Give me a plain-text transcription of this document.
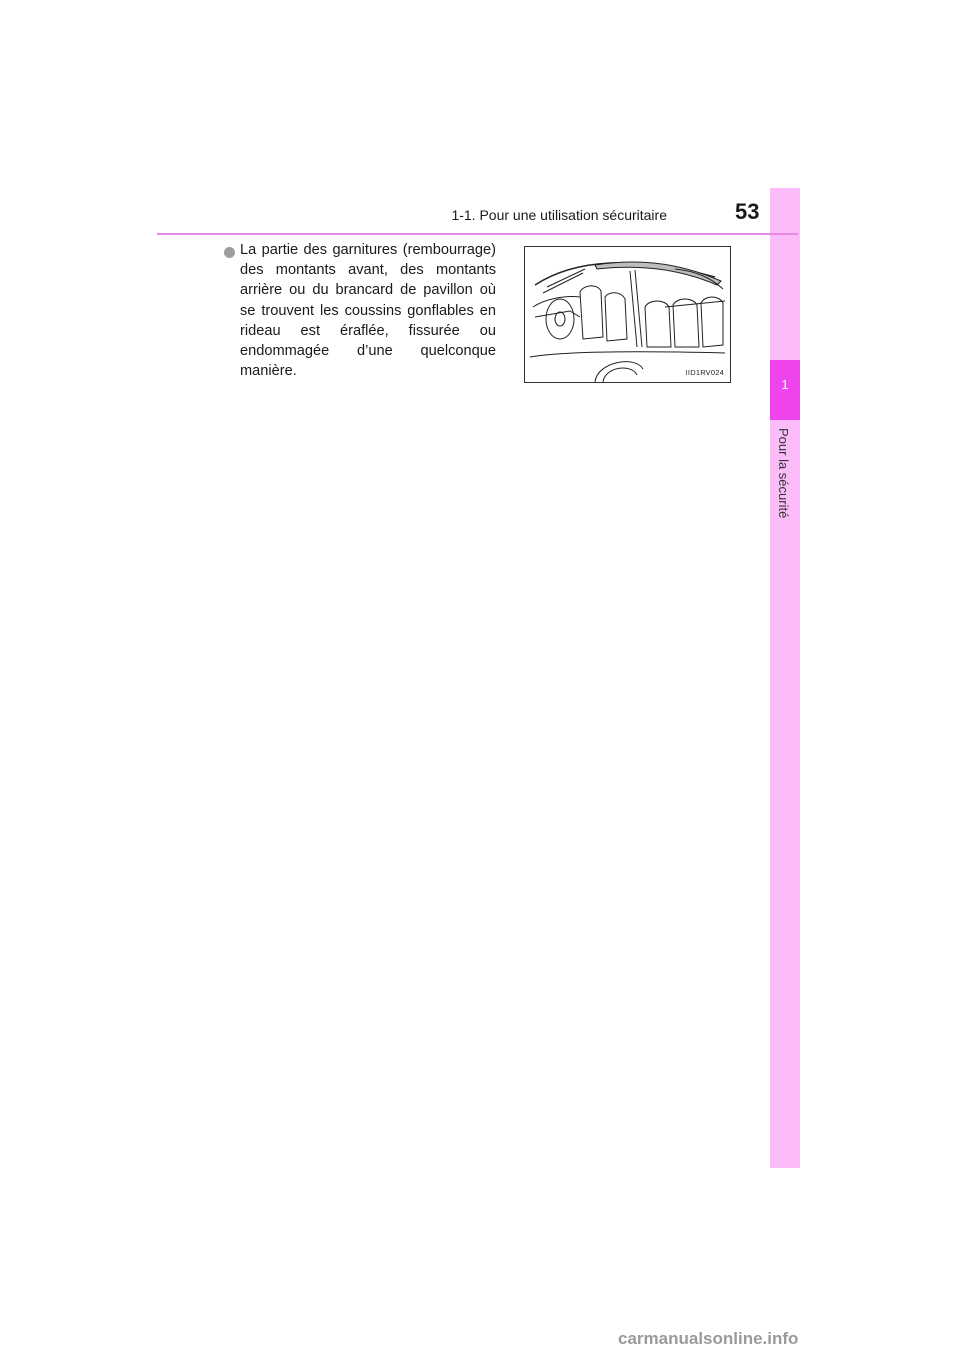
1
Pour la sécurité
1-1. Pour une utilisation sécuritaire	53
La partie des garnitures (rembourrage) des montants avant, des montants arrière ou du brancard de pavillon où se trouvent les coussins gonflables en rideau est éraflée, fissurée ou endommagée d’une quelconque manière.	IID1RV024
carmanualsonline.info
